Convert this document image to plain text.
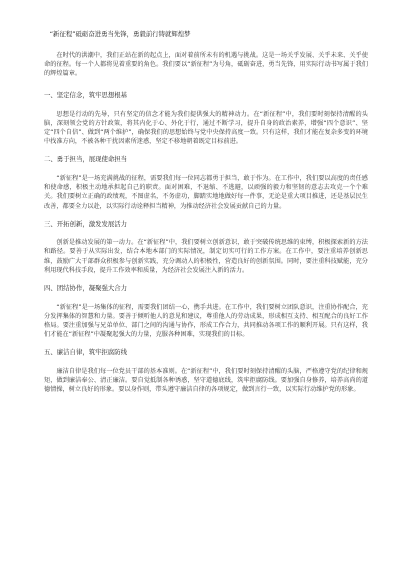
“新征程”砥砺奋进勇当先锋，勇毅前行铸就辉煌梦

在时代的洪潮中，我们正站在新的起点上，面对着前所未有的机遇与挑战。这是一场关乎发展、关乎未来、关乎使命的征程。每一个人都将见着重要的角色。我们要以“新征程”为号角，砥砺奋进，勇当先锋，用实际行动书写属于我们的辉煌篇章。

一、坚定信念，筑牢思想根基

思想是行动的先导，只有坚定的信念才能为我们提供强大的精神动力。在“新征程”中，我们要时刻保持清醒的头脑，深刻领会党的方针政策，将其内化于心、外化于行，通过不断学习，提升自身的政治素养，增强“四个意识”、坚定“四个自信”、做到“两个维护”，确保我们的思想始终与党中央保持高度一致。只有这样，我们才能在复杂多变的环境中找准方向，不被各种干扰因素所迷惑，坚定不移地朝着既定目标前进。

二、勇于担当，展现使命担当

“新征程”是一场充满挑战的征程，需要我们每一位同志都勇于担当，敢于作为。在工作中，我们要以高度的责任感和使命感，积极主动地承担起自己的职责。面对困难，不退缩、不逃避，以顽强的毅力和坚韧的意志去攻克一个个难关。我们要树立正确的政绩观，不图虚名，不务虚功，脚踏实地地做好每一件事，无论是重大项目推进，还是基层民生改善，都要全力以赴，以实际行动诠释担当精神，为推动经济社会发展贡献自己的力量。

三、开拓创新，激发发展活力

创新是推动发展的第一动力。在“新征程”中，我们要树立创新意识，敢于突破传统思维的束缚，积极探索新的方法和路径。要善于从实际出发，结合本地本部门的实际情况，制定切实可行的工作方案。在工作中，要注重培养创新思维，鼓励广大干部群众积极参与创新实践，充分调动人的积极性，营造良好的创新氛围。同时，要注重科技赋能，充分利用现代科技手段，提升工作效率和质量，为经济社会发展注入新的活力。

四、团结协作，凝聚强大合力

“新征程”是一场集体的征程，需要我们团结一心，携手共进。在工作中，我们要树立团队意识，注重协作配合，充分发挥集体的智慧和力量。要善于倾听他人的意见和建议，尊重他人的劳动成果，形成相互支持、相互配合的良好工作格局。要注重加强与兄弟单位、部门之间的沟通与协作，形成工作合力，共同推动各项工作的顺利开展。只有这样，我们才能在“新征程”中凝聚起强大的力量，克服各种困难，实现我们的目标。

五、廉洁自律，筑牢拒腐防线

廉洁自律是我们每一位党员干部的基本准则。在“新征程”中，我们要时刻保持清醒的头脑，严格遵守党的纪律和规矩，做到廉洁奉公、清正廉洁。要自觉抵制各种诱惑，坚守道德底线，筑牢拒腐防线。要加强自身修养，培养高尚的道德情操，树立良好的形象。要以身作则，带头遵守廉洁自律的各项规定，做到言行一致，以实际行动维护党的形象。
